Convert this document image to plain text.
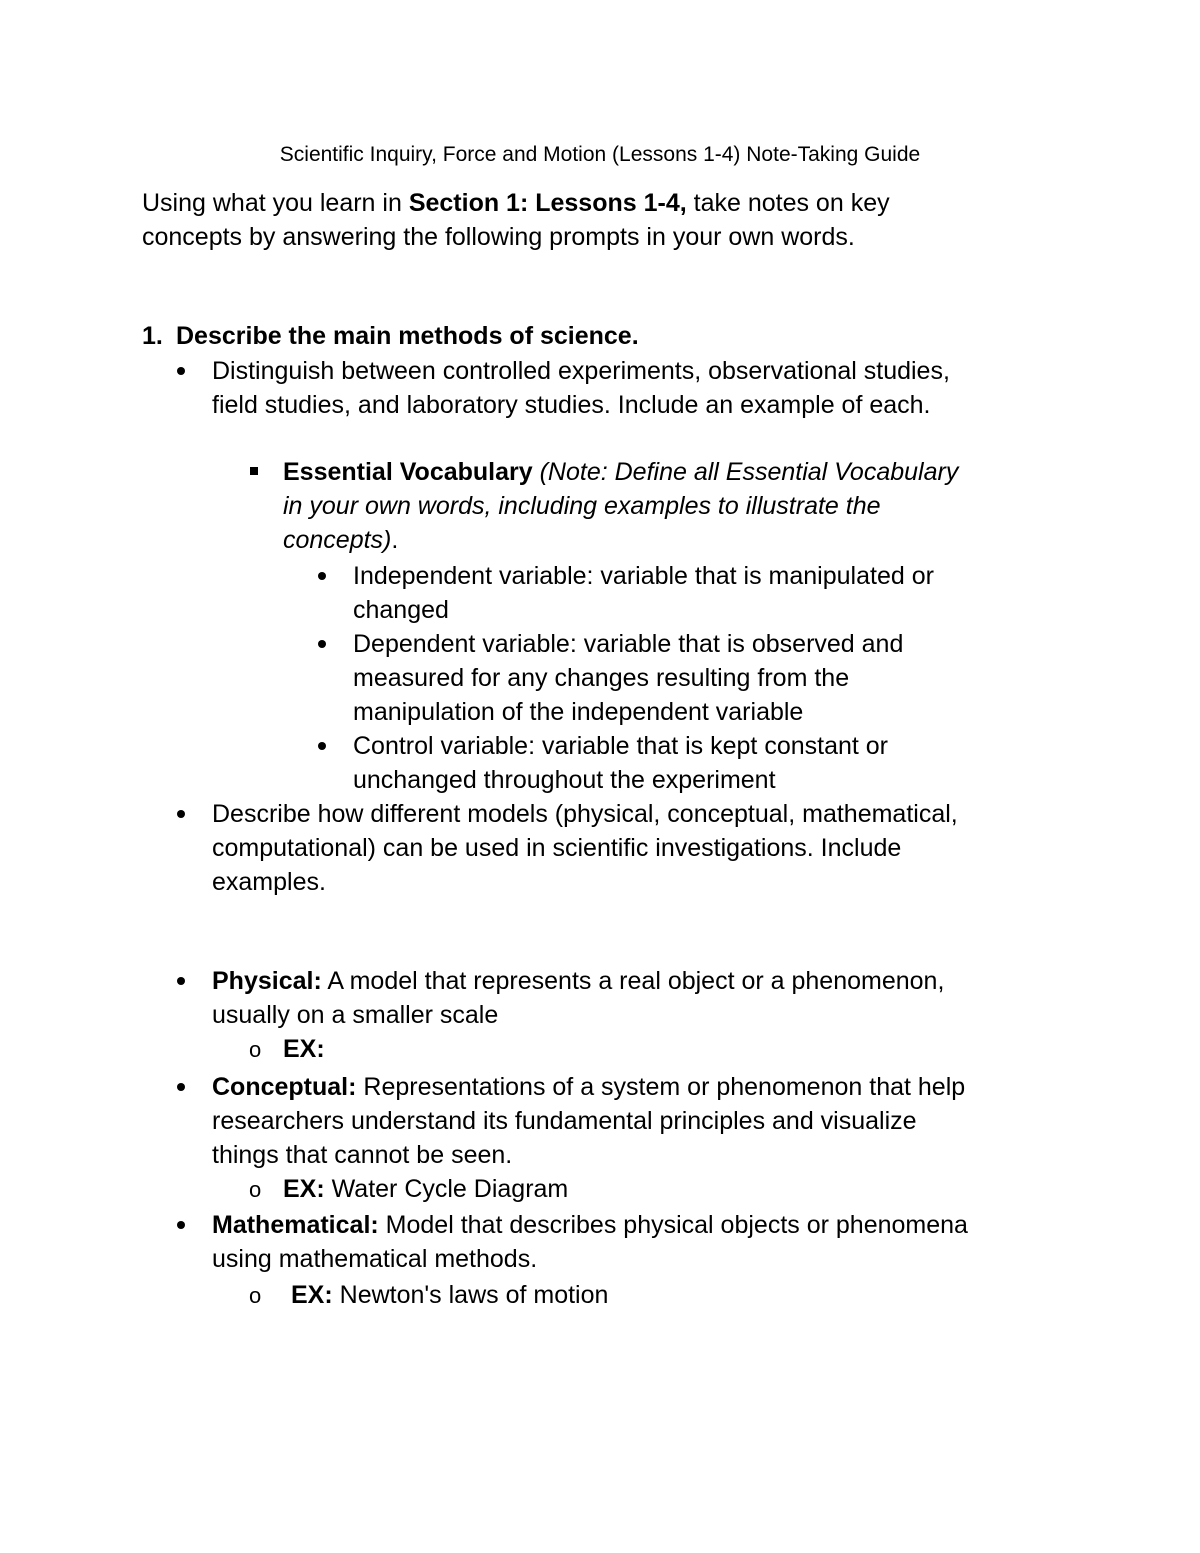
Scientific Inquiry, Force and Motion (Lessons 1-4) Note-Taking Guide

Using what you learn in Section 1: Lessons 1-4, take notes on key

concepts by answering the following prompts in your own words.

1. Describe the main methods of science.

Distinguish between controlled experiments, observational studies,

field studies, and laboratory studies. Include an example of each.

Essential Vocabulary (Note: Define all Essential Vocabulary

in your own words, including examples to illustrate the

concepts).

Independent variable: variable that is manipulated or

changed

Dependent variable: variable that is observed and

measured for any changes resulting from the

manipulation of the independent variable

Control variable: variable that is kept constant or

unchanged throughout the experiment

Describe how different models (physical, conceptual, mathematical,

computational) can be used in scientific investigations. Include

examples.

Physical: A model that represents a real object or a phenomenon,

usually on a smaller scale

o EX:

Conceptual: Representations of a system or phenomenon that help

researchers understand its fundamental principles and visualize

things that cannot be seen.

o EX: Water Cycle Diagram

Mathematical: Model that describes physical objects or phenomena

using mathematical methods.

o EX: Newton's laws of motion
